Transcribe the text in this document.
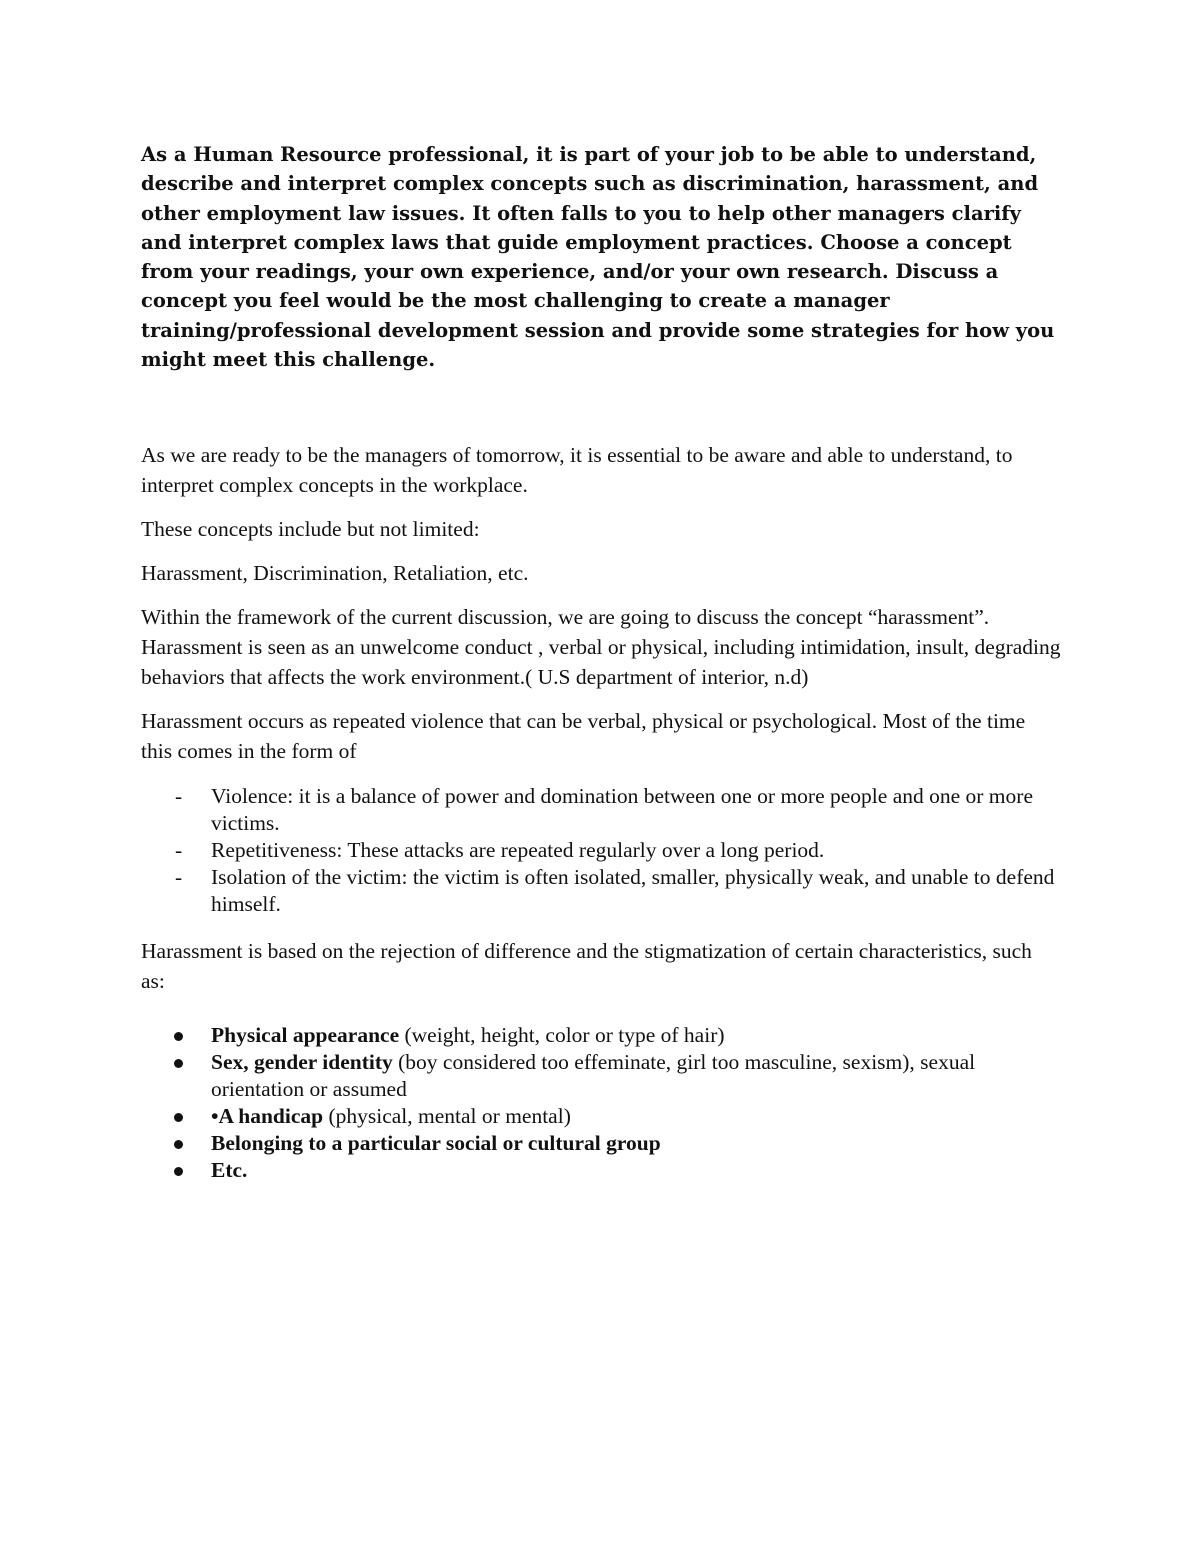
As a Human Resource professional, it is part of your job to be able to understand, describe and interpret complex concepts such as discrimination, harassment, and other employment law issues. It often falls to you to help other managers clarify and interpret complex laws that guide employment practices. Choose a concept from your readings, your own experience, and/or your own research. Discuss a concept you feel would be the most challenging to create a manager training/professional development session and provide some strategies for how you might meet this challenge.

As we are ready to be the managers of tomorrow, it is essential to be aware and able to understand, to interpret complex concepts in the workplace.

These concepts include but not limited:

Harassment, Discrimination, Retaliation, etc.

Within the framework of the current discussion, we are going to discuss the concept “harassment”. Harassment is seen as an unwelcome conduct , verbal or physical, including intimidation, insult, degrading behaviors that affects the work environment.( U.S department of interior, n.d)

Harassment occurs as repeated violence that can be verbal, physical or psychological. Most of the time this comes in the form of

- Violence: it is a balance of power and domination between one or more people and one or more victims.
- Repetitiveness: These attacks are repeated regularly over a long period.
- Isolation of the victim: the victim is often isolated, smaller, physically weak, and unable to defend himself.

Harassment is based on the rejection of difference and the stigmatization of certain characteristics, such as:

Physical appearance (weight, height, color or type of hair)
Sex, gender identity (boy considered too effeminate, girl too masculine, sexism), sexual orientation or assumed
•A handicap (physical, mental or mental)
Belonging to a particular social or cultural group
Etc.
